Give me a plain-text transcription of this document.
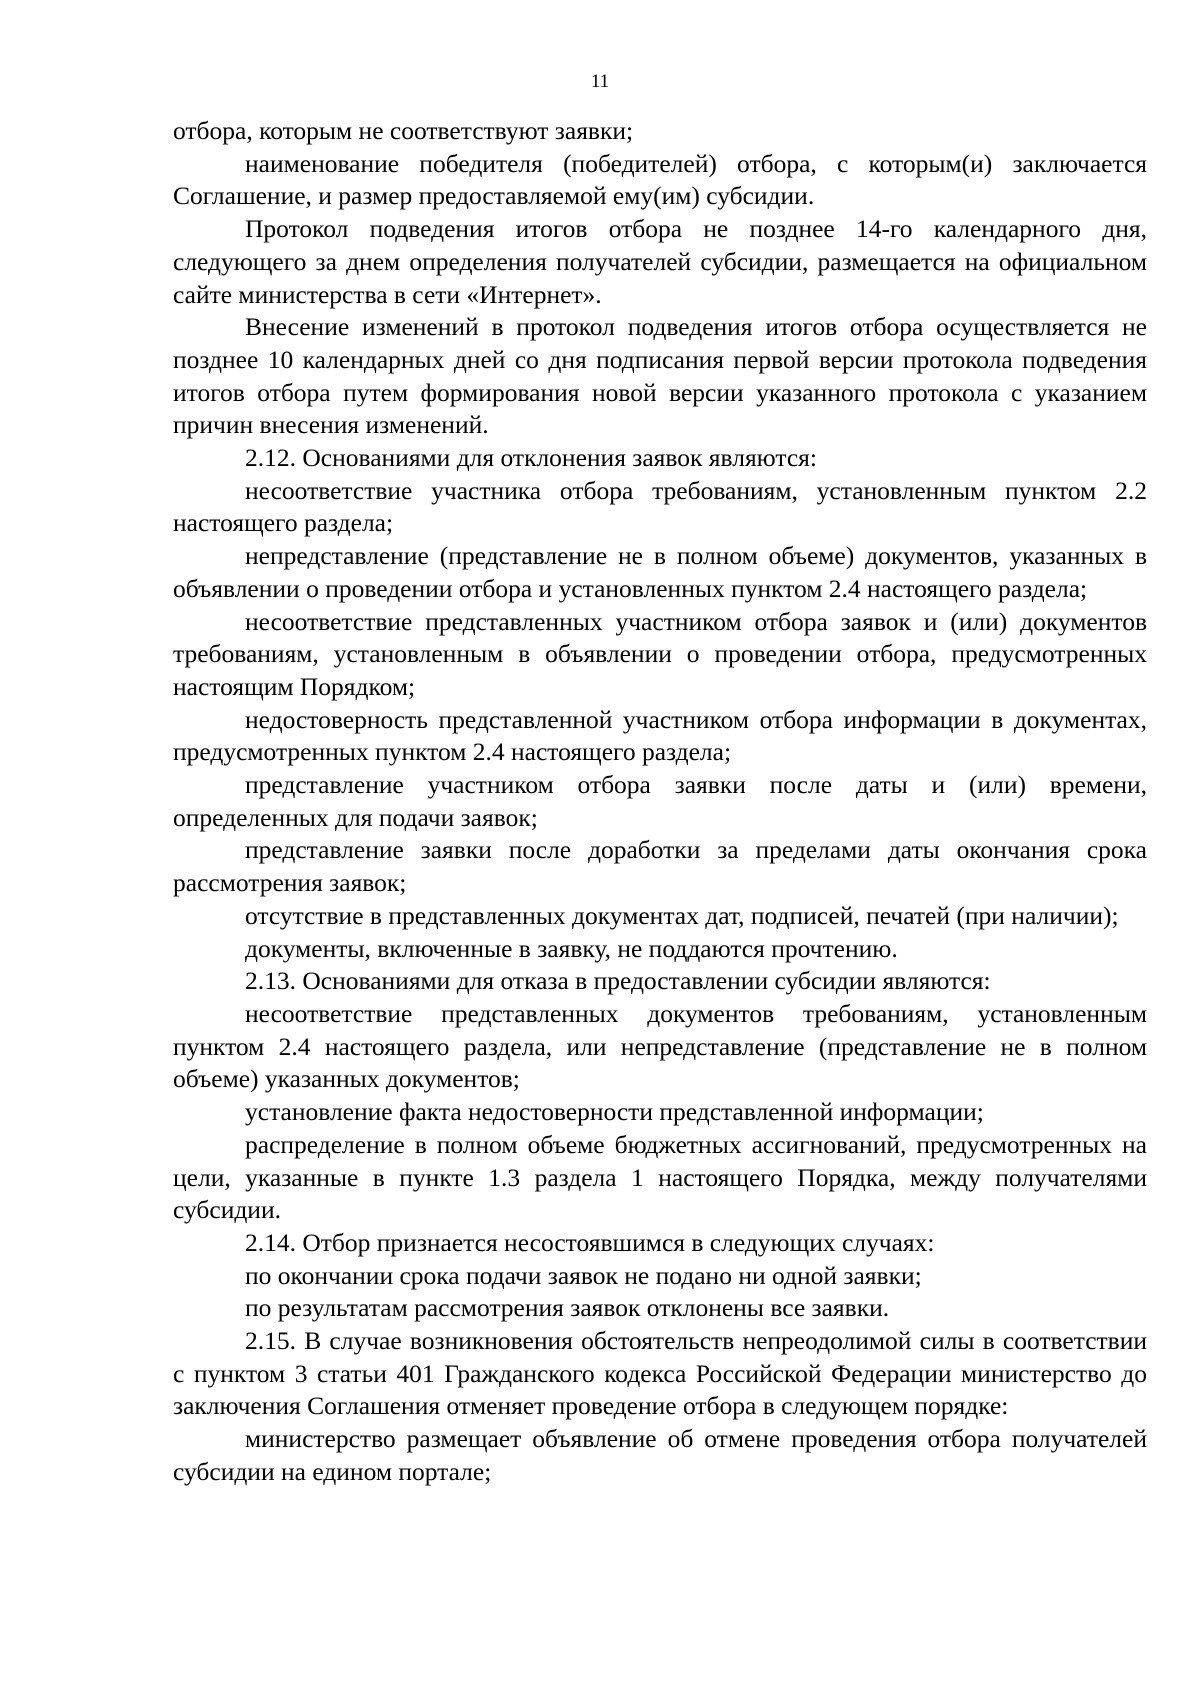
11

отбора, которым не соответствуют заявки;

наименование победителя (победителей) отбора, с которым(и) заключается Соглашение, и размер предоставляемой ему(им) субсидии.

Протокол подведения итогов отбора не позднее 14-го календарного дня, следующего за днем определения получателей субсидии, размещается на официальном сайте министерства в сети «Интернет».

Внесение изменений в протокол подведения итогов отбора осуществляется не позднее 10 календарных дней со дня подписания первой версии протокола подведения итогов отбора путем формирования новой версии указанного протокола с указанием причин внесения изменений.

2.12. Основаниями для отклонения заявок являются:

несоответствие участника отбора требованиям, установленным пунктом 2.2 настоящего раздела;

непредставление (представление не в полном объеме) документов, указанных в объявлении о проведении отбора и установленных пунктом 2.4 настоящего раздела;

несоответствие представленных участником отбора заявок и (или) документов требованиям, установленным в объявлении о проведении отбора, предусмотренных настоящим Порядком;

недостоверность представленной участником отбора информации в документах, предусмотренных пунктом 2.4 настоящего раздела;

представление участником отбора заявки после даты и (или) времени, определенных для подачи заявок;

представление заявки после доработки за пределами даты окончания срока рассмотрения заявок;

отсутствие в представленных документах дат, подписей, печатей (при наличии);

документы, включенные в заявку, не поддаются прочтению.

2.13. Основаниями для отказа в предоставлении субсидии являются:

несоответствие представленных документов требованиям, установленным пунктом 2.4 настоящего раздела, или непредставление (представление не в полном объеме) указанных документов;

установление факта недостоверности представленной информации;

распределение в полном объеме бюджетных ассигнований, предусмотренных на цели, указанные в пункте 1.3 раздела 1 настоящего Порядка, между получателями субсидии.

2.14. Отбор признается несостоявшимся в следующих случаях:

по окончании срока подачи заявок не подано ни одной заявки;

по результатам рассмотрения заявок отклонены все заявки.

2.15. В случае возникновения обстоятельств непреодолимой силы в соответствии с пунктом 3 статьи 401 Гражданского кодекса Российской Федерации министерство до заключения Соглашения отменяет проведение отбора в следующем порядке:

министерство размещает объявление об отмене проведения отбора получателей субсидии на едином портале;
